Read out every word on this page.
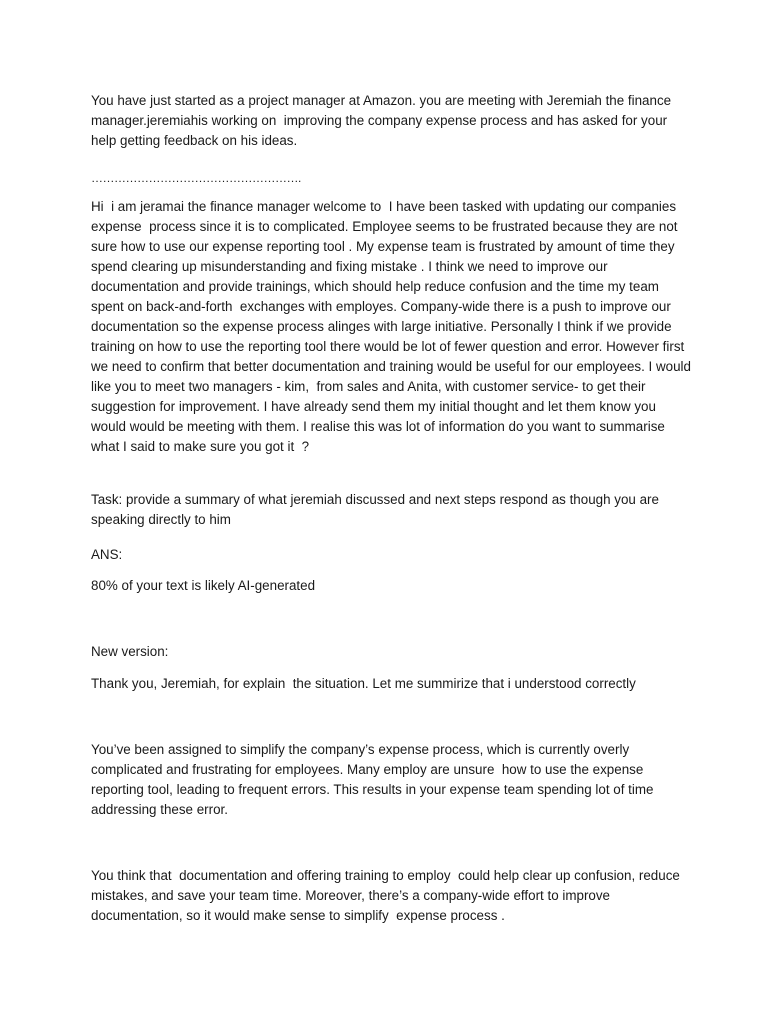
You have just started as a project manager at Amazon. you are meeting with Jeremiah the finance manager.jeremiahis working on  improving the company expense process and has asked for your help getting feedback on his ideas.

……………………………………………….

Hi  i am jeramai the finance manager welcome to  I have been tasked with updating our companies expense  process since it is to complicated. Employee seems to be frustrated because they are not sure how to use our expense reporting tool . My expense team is frustrated by amount of time they spend clearing up misunderstanding and fixing mistake . I think we need to improve our documentation and provide trainings, which should help reduce confusion and the time my team spent on back-and-forth  exchanges with employes. Company-wide there is a push to improve our documentation so the expense process alinges with large initiative. Personally I think if we provide training on how to use the reporting tool there would be lot of fewer question and error. However first we need to confirm that better documentation and training would be useful for our employees. I would like you to meet two managers - kim,  from sales and Anita, with customer service- to get their suggestion for improvement. I have already send them my initial thought and let them know you would would be meeting with them. I realise this was lot of information do you want to summarise what I said to make sure you got it  ?

Task: provide a summary of what jeremiah discussed and next steps respond as though you are speaking directly to him

ANS:

80% of your text is likely AI-generated

New version:

Thank you, Jeremiah, for explain  the situation. Let me summirize that i understood correctly

You’ve been assigned to simplify the company’s expense process, which is currently overly complicated and frustrating for employees. Many employ are unsure  how to use the expense reporting tool, leading to frequent errors. This results in your expense team spending lot of time addressing these error.

You think that  documentation and offering training to employ  could help clear up confusion, reduce mistakes, and save your team time. Moreover, there’s a company-wide effort to improve documentation, so it would make sense to simplify  expense process .
